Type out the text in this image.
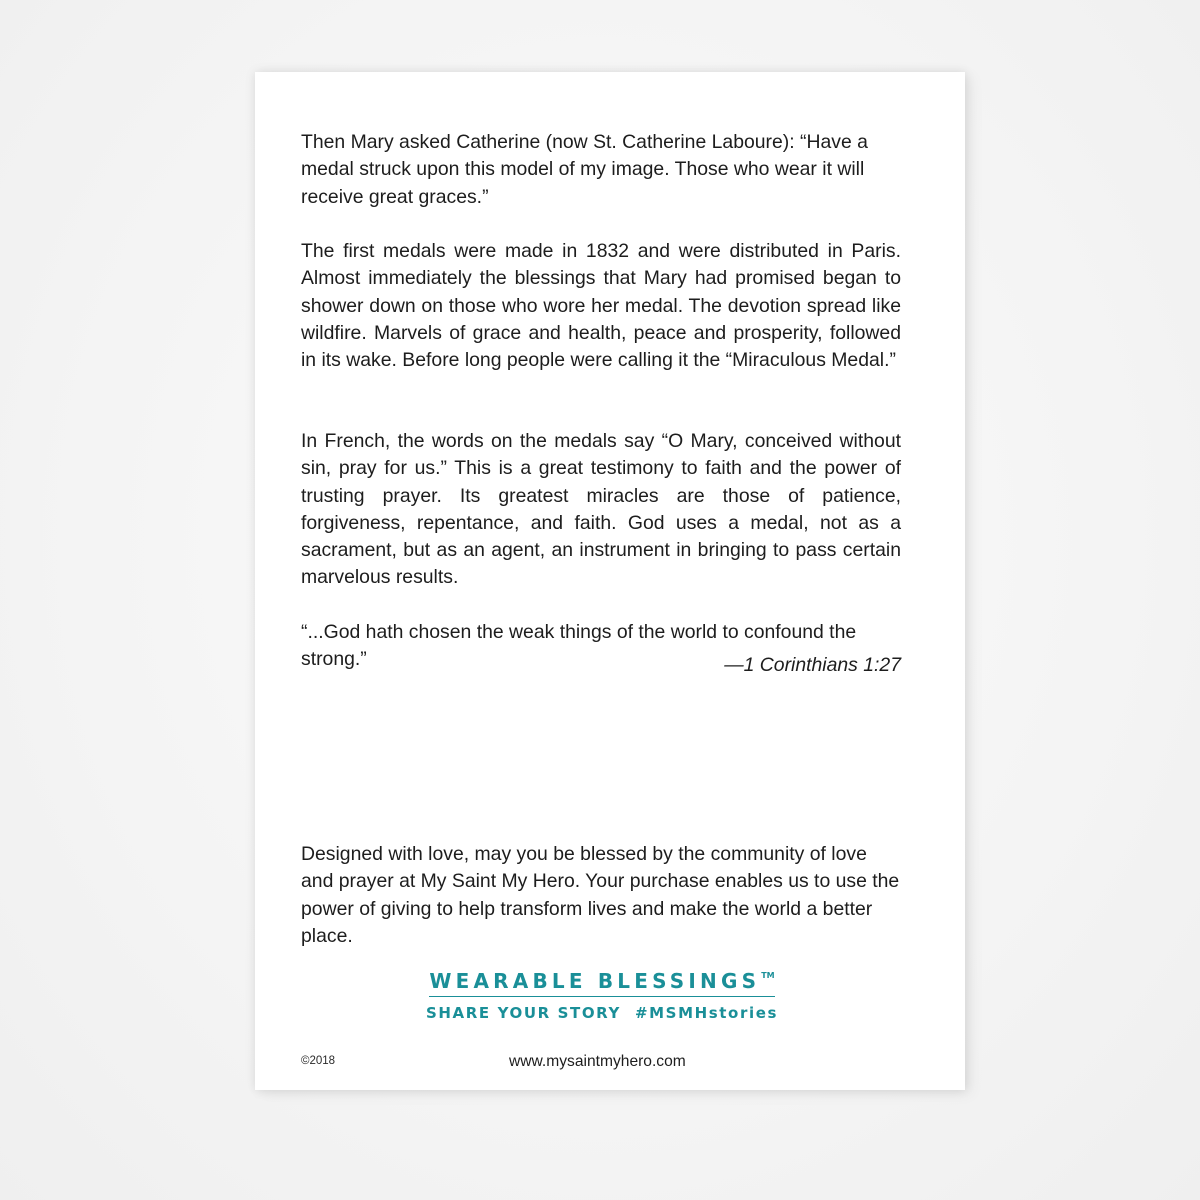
Then Mary asked Catherine (now St. Catherine Laboure): “Have a medal struck upon this model of my image. Those who wear it will receive great graces.”

The first medals were made in 1832 and were distributed in Paris. Almost immediately the blessings that Mary had promised began to shower down on those who wore her medal. The devotion spread like wildfire. Marvels of grace and health, peace and prosperity, followed in its wake. Before long people were calling it the “Miraculous Medal.”

In French, the words on the medals say “O Mary, conceived without sin, pray for us.” This is a great testimony to faith and the power of trusting prayer. Its greatest miracles are those of patience, forgiveness, repentance, and faith. God uses a medal, not as a sacrament, but as an agent, an instrument in bringing to pass certain marvelous results.

“...God hath chosen the weak things of the world to confound the strong.”	—1 Corinthians 1:27

Designed with love, may you be blessed by the community of love and prayer at My Saint My Hero. Your purchase enables us to use the power of giving to help transform lives and make the world a better place.

WEARABLE BLESSINGS™
SHARE YOUR STORY #MSMHstories

©2018	www.mysaintmyhero.com
